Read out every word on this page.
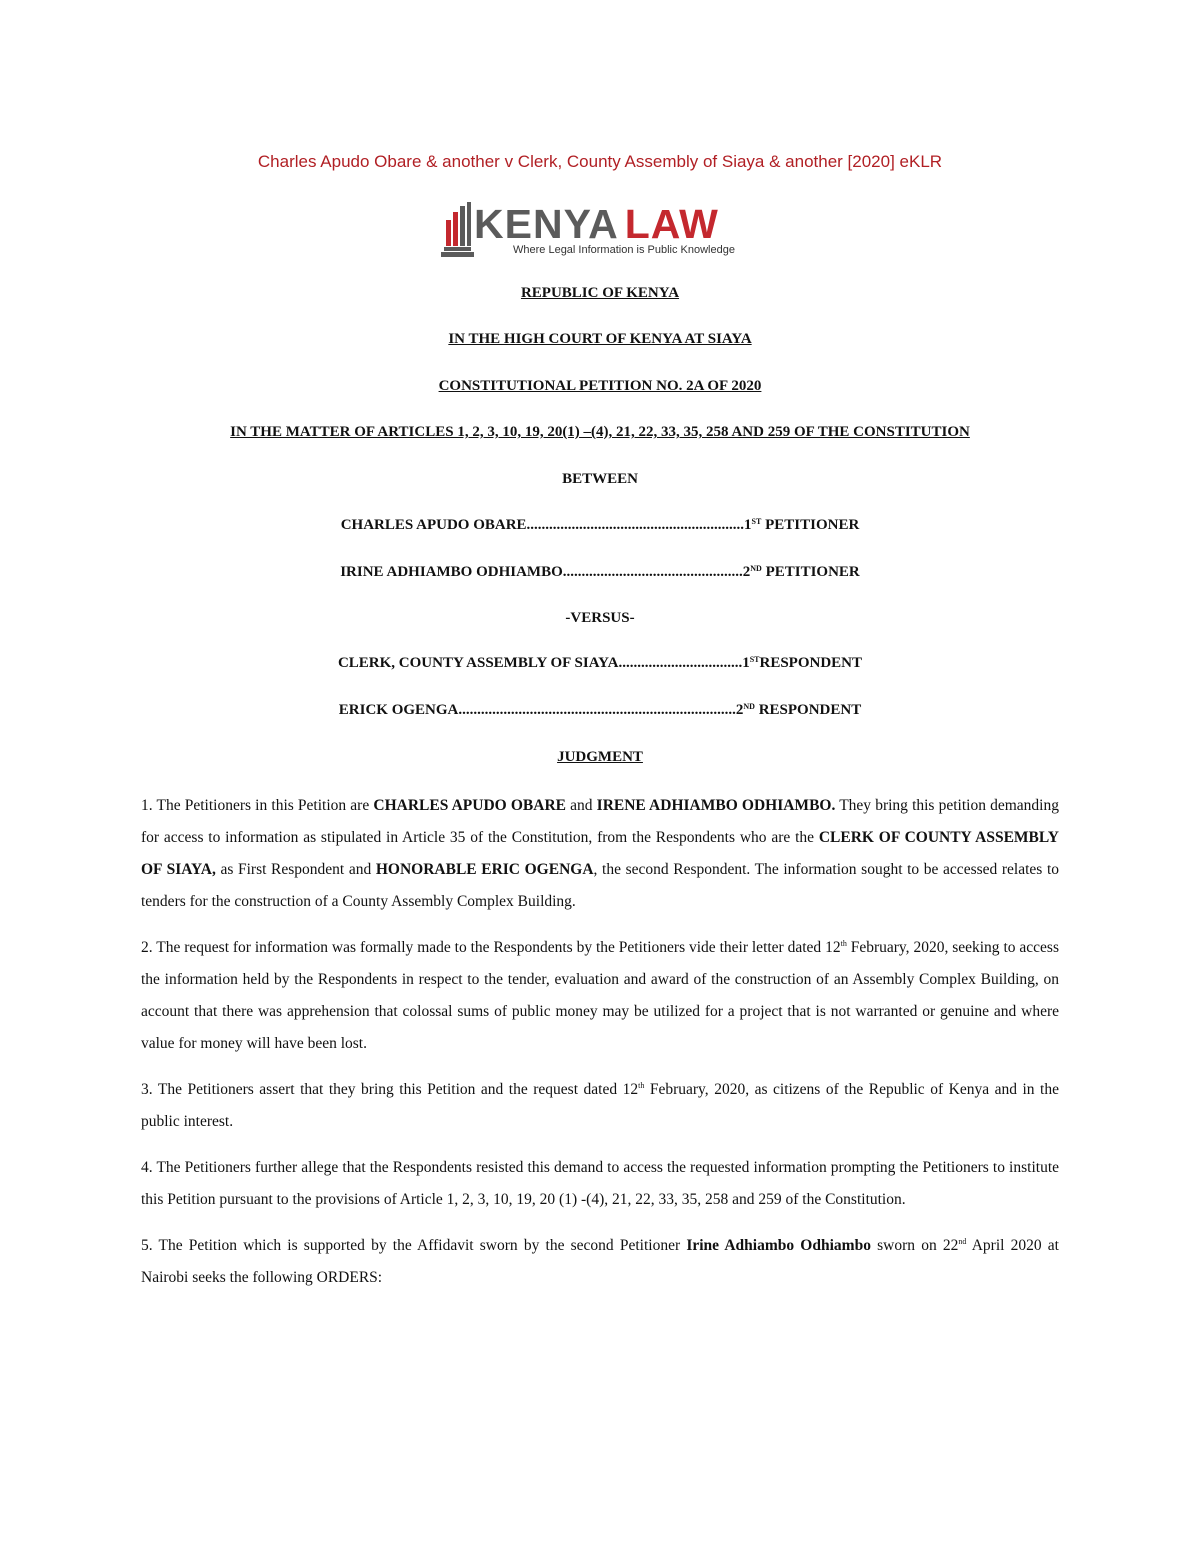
Charles Apudo Obare & another v Clerk, County Assembly of Siaya & another [2020] eKLR
KENYA LAW
Where Legal Information is Public Knowledge
REPUBLIC OF KENYA
IN THE HIGH COURT OF KENYA AT SIAYA
CONSTITUTIONAL PETITION NO. 2A OF 2020
IN THE MATTER OF ARTICLES 1, 2, 3, 10, 19, 20(1) –(4), 21, 22, 33, 35, 258 AND 259 OF THE CONSTITUTION
BETWEEN
CHARLES APUDO OBARE..........................................................1ST PETITIONER
IRINE ADHIAMBO ODHIAMBO................................................2ND PETITIONER
-VERSUS-
CLERK, COUNTY ASSEMBLY OF SIAYA.................................1STRESPONDENT
ERICK OGENGA..........................................................................2ND RESPONDENT
JUDGMENT

1. The Petitioners in this Petition are CHARLES APUDO OBARE and IRENE ADHIAMBO ODHIAMBO. They bring this petition demanding for access to information as stipulated in Article 35 of the Constitution, from the Respondents who are the CLERK OF COUNTY ASSEMBLY OF SIAYA, as First Respondent and HONORABLE ERIC OGENGA, the second Respondent. The information sought to be accessed relates to tenders for the construction of a County Assembly Complex Building.

2. The request for information was formally made to the Respondents by the Petitioners vide their letter dated 12th February, 2020, seeking to access the information held by the Respondents in respect to the tender, evaluation and award of the construction of an Assembly Complex Building, on account that there was apprehension that colossal sums of public money may be utilized for a project that is not warranted or genuine and where value for money will have been lost.

3. The Petitioners assert that they bring this Petition and the request dated 12th February, 2020, as citizens of the Republic of Kenya and in the public interest.

4. The Petitioners further allege that the Respondents resisted this demand to access the requested information prompting the Petitioners to institute this Petition pursuant to the provisions of Article 1, 2, 3, 10, 19, 20 (1) -(4), 21, 22, 33, 35, 258 and 259 of the Constitution.

5. The Petition which is supported by the Affidavit sworn by the second Petitioner Irine Adhiambo Odhiambo sworn on 22nd April 2020 at Nairobi seeks the following ORDERS:
